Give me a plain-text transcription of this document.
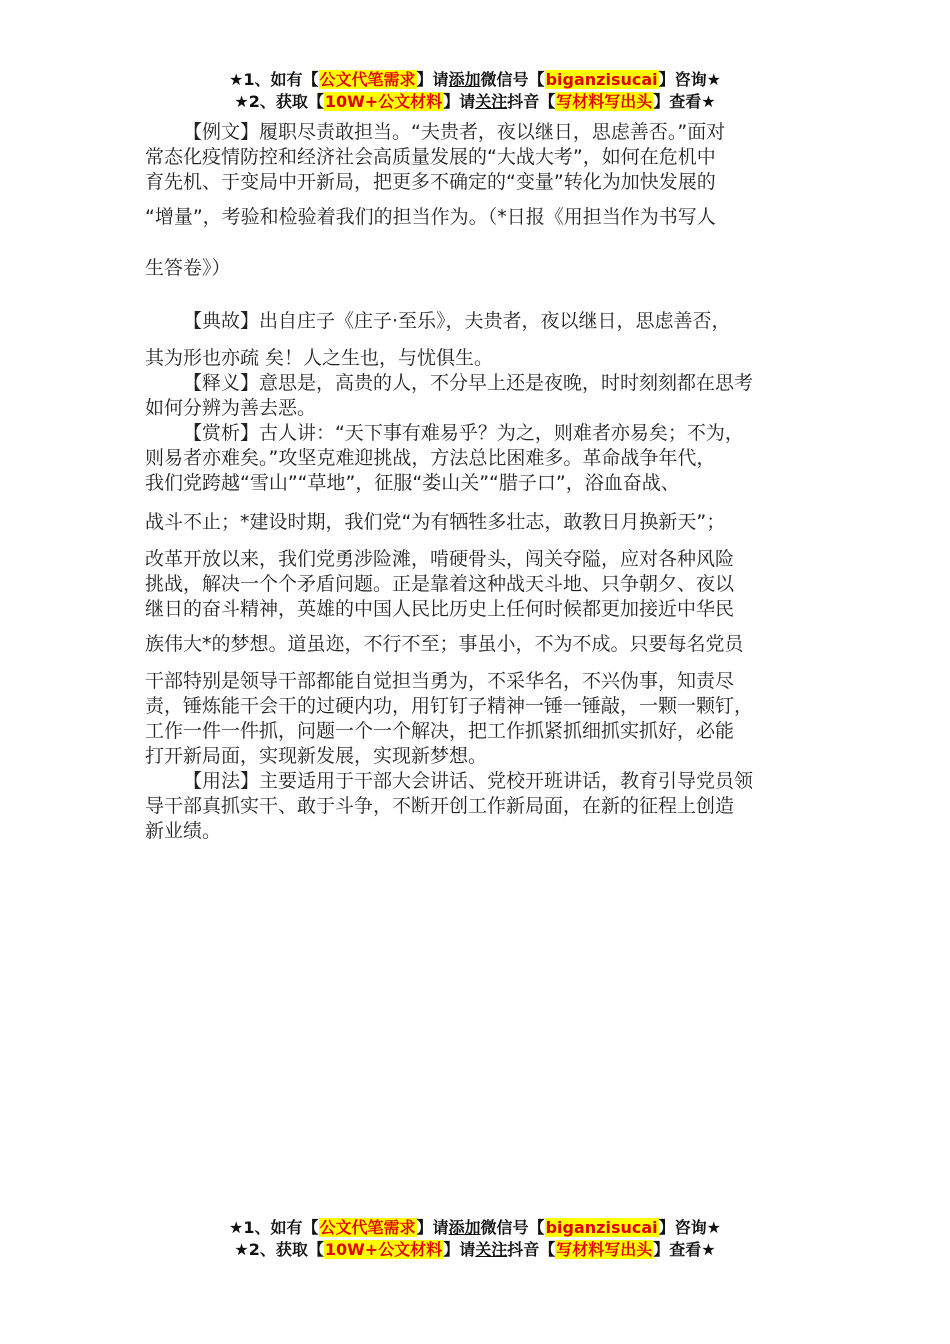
★1、如有【公文代笔需求】请添加微信号【biganzisucai】咨询★
★2、获取【10W+公文材料】请关注抖音【写材料写出头】查看★
【例文】履职尽责敢担当。“夫贵者，夜以继日，思虑善否。”面对
常态化疫情防控和经济社会高质量发展的“大战大考”，如何在危机中
育先机、于变局中开新局，把更多不确定的“变量”转化为加快发展的
“增量”，考验和检验着我们的担当作为。（*日报《用担当作为书写人
生答卷》）
【典故】出自庄子《庄子·至乐》，夫贵者，夜以继日，思虑善否，
其为形也亦疏 矣！人之生也，与忧俱生。
【释义】意思是，高贵的人，不分早上还是夜晚，时时刻刻都在思考
如何分辨为善去恶。
【赏析】古人讲：“天下事有难易乎？为之，则难者亦易矣；不为，
则易者亦难矣。”攻坚克难迎挑战，方法总比困难多。革命战争年代，
我们党跨越“雪山”“草地”，征服“娄山关”“腊子口”，浴血奋战、
战斗不止；*建设时期，我们党“为有牺牲多壮志，敢教日月换新天”；
改革开放以来，我们党勇涉险滩，啃硬骨头，闯关夺隘，应对各种风险
挑战，解决一个个矛盾问题。正是靠着这种战天斗地、只争朝夕、夜以
继日的奋斗精神，英雄的中国人民比历史上任何时候都更加接近中华民
族伟大*的梦想。道虽迩，不行不至；事虽小，不为不成。只要每名党员
干部特别是领导干部都能自觉担当勇为，不采华名，不兴伪事，知责尽
责，锤炼能干会干的过硬内功，用钉钉子精神一锤一锤敲，一颗一颗钉，
工作一件一件抓，问题一个一个解决，把工作抓紧抓细抓实抓好，必能
打开新局面，实现新发展，实现新梦想。
【用法】主要适用于干部大会讲话、党校开班讲话，教育引导党员领
导干部真抓实干、敢于斗争，不断开创工作新局面，在新的征程上创造
新业绩。
★1、如有【公文代笔需求】请添加微信号【biganzisucai】咨询★
★2、获取【10W+公文材料】请关注抖音【写材料写出头】查看★
